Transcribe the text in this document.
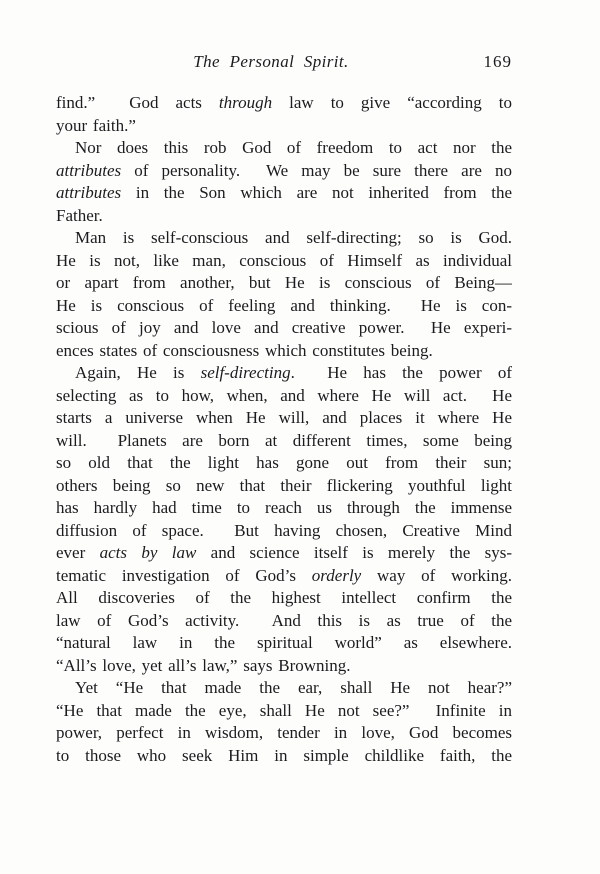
The Personal Spirit.	169
find.”  God acts through law to give “according to
your faith.”
Nor does this rob God of freedom to act nor the
attributes of personality.  We may be sure there are no
attributes in the Son which are not inherited from the
Father.
Man is self-conscious and self-directing; so is God.
He is not, like man, conscious of Himself as individual
or apart from another, but He is conscious of Being—
He is conscious of feeling and thinking.  He is con-
scious of joy and love and creative power.  He experi-
ences states of consciousness which constitutes being.
Again, He is self-directing.  He has the power of
selecting as to how, when, and where He will act.  He
starts a universe when He will, and places it where He
will.  Planets are born at different times, some being
so old that the light has gone out from their sun;
others being so new that their flickering youthful light
has hardly had time to reach us through the immense
diffusion of space.  But having chosen, Creative Mind
ever acts by law and science itself is merely the sys-
tematic investigation of God’s orderly way of working.
All discoveries of the highest intellect confirm the
law of God’s activity.  And this is as true of the
“natural law in the spiritual world” as elsewhere.
“All’s love, yet all’s law,” says Browning.
Yet “He that made the ear, shall He not hear?”
“He that made the eye, shall He not see?”  Infinite in
power, perfect in wisdom, tender in love, God becomes
to those who seek Him in simple childlike faith, the
